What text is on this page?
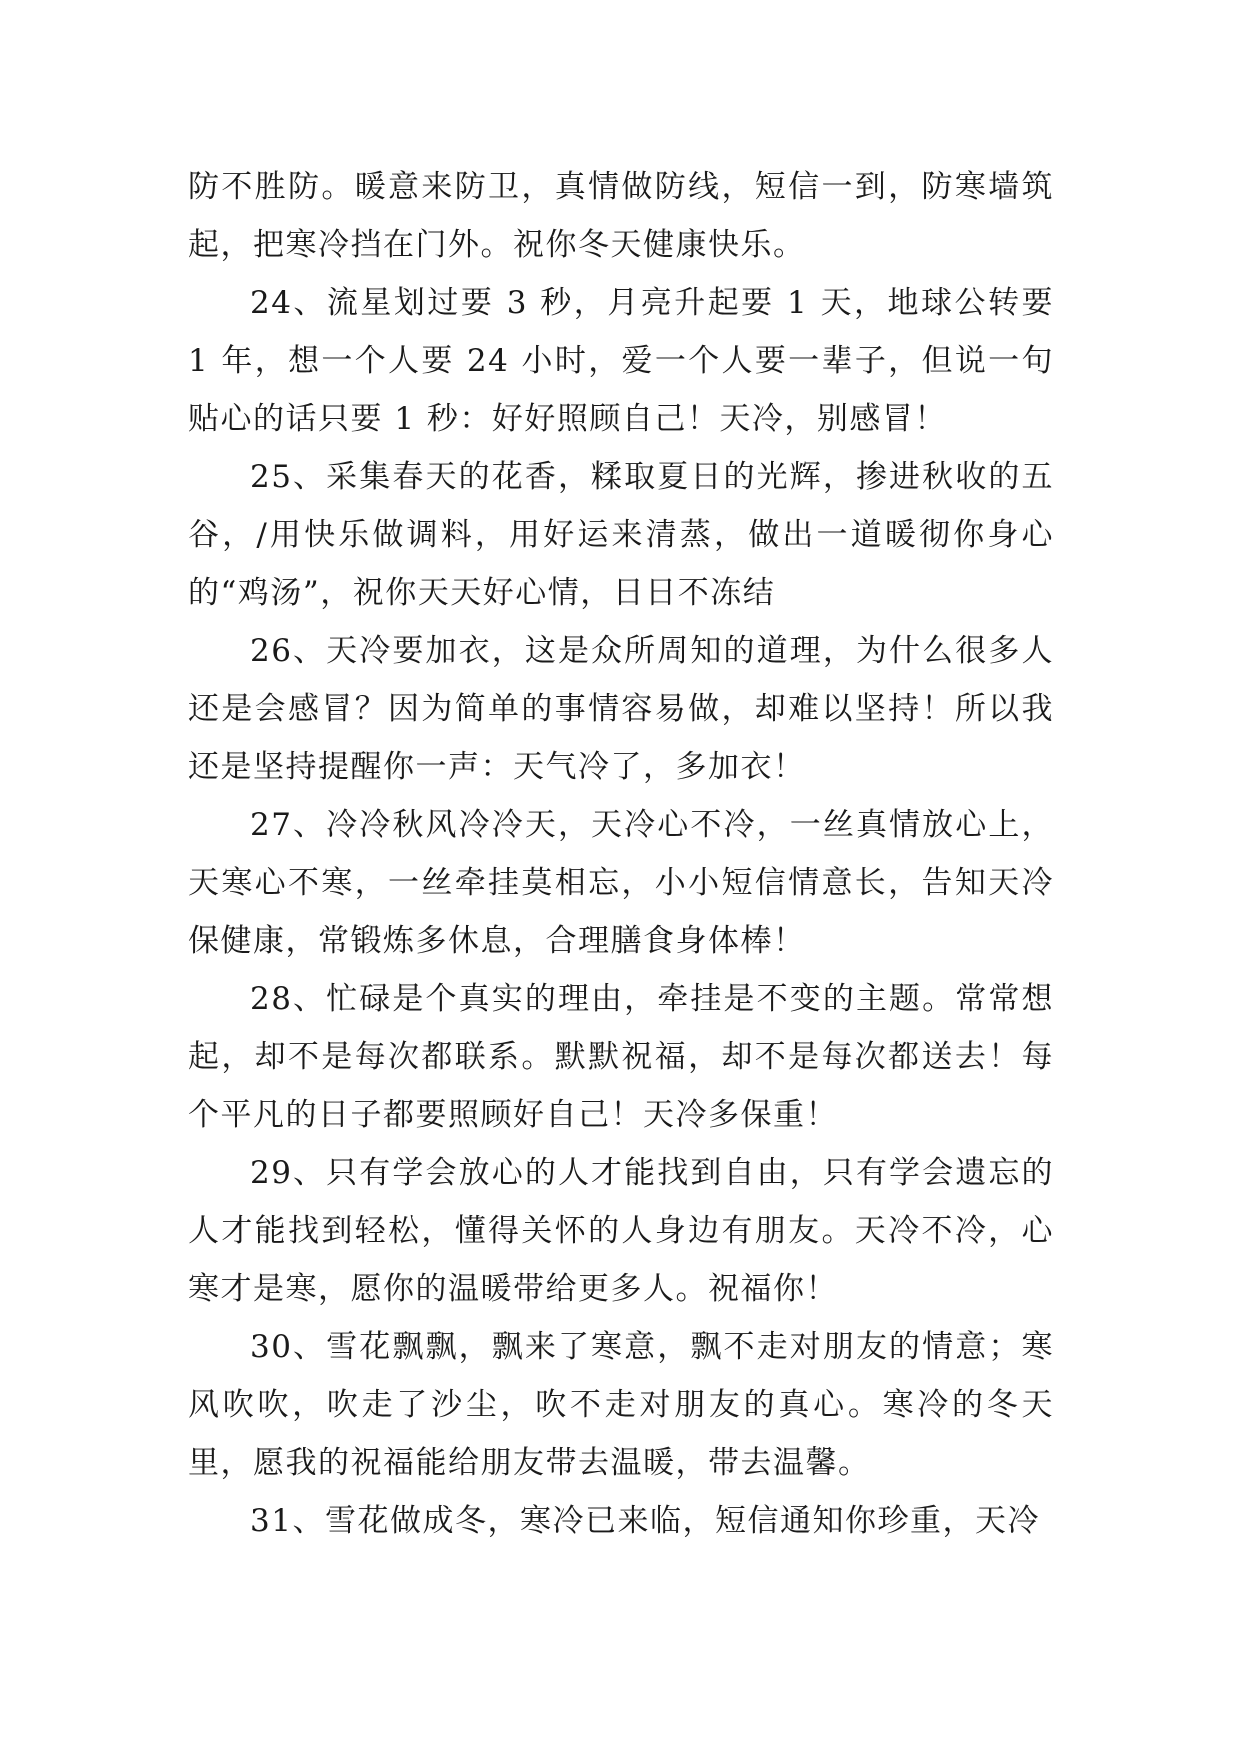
防不胜防。暖意来防卫，真情做防线，短信一到，防寒墙筑起，把寒冷挡在门外。祝你冬天健康快乐。

24、流星划过要 3 秒，月亮升起要 1 天，地球公转要 1 年，想一个人要 24 小时，爱一个人要一辈子，但说一句贴心的话只要 1 秒：好好照顾自己！天冷，别感冒！

25、采集春天的花香，糅取夏日的光辉，掺进秋收的五谷，/用快乐做调料，用好运来清蒸，做出一道暖彻你身心的“鸡汤”，祝你天天好心情，日日不冻结

26、天冷要加衣，这是众所周知的道理，为什么很多人还是会感冒？因为简单的事情容易做，却难以坚持！所以我还是坚持提醒你一声：天气冷了，多加衣！

27、冷冷秋风冷冷天，天冷心不冷，一丝真情放心上，天寒心不寒，一丝牵挂莫相忘，小小短信情意长，告知天冷保健康，常锻炼多休息，合理膳食身体棒！

28、忙碌是个真实的理由，牵挂是不变的主题。常常想起，却不是每次都联系。默默祝福，却不是每次都送去！每个平凡的日子都要照顾好自己！天冷多保重！

29、只有学会放心的人才能找到自由，只有学会遗忘的人才能找到轻松，懂得关怀的人身边有朋友。天冷不冷，心寒才是寒，愿你的温暖带给更多人。祝福你！

30、雪花飘飘，飘来了寒意，飘不走对朋友的情意；寒风吹吹，吹走了沙尘，吹不走对朋友的真心。寒冷的冬天里，愿我的祝福能给朋友带去温暖，带去温馨。

31、雪花做成冬，寒冷已来临，短信通知你珍重，天冷
